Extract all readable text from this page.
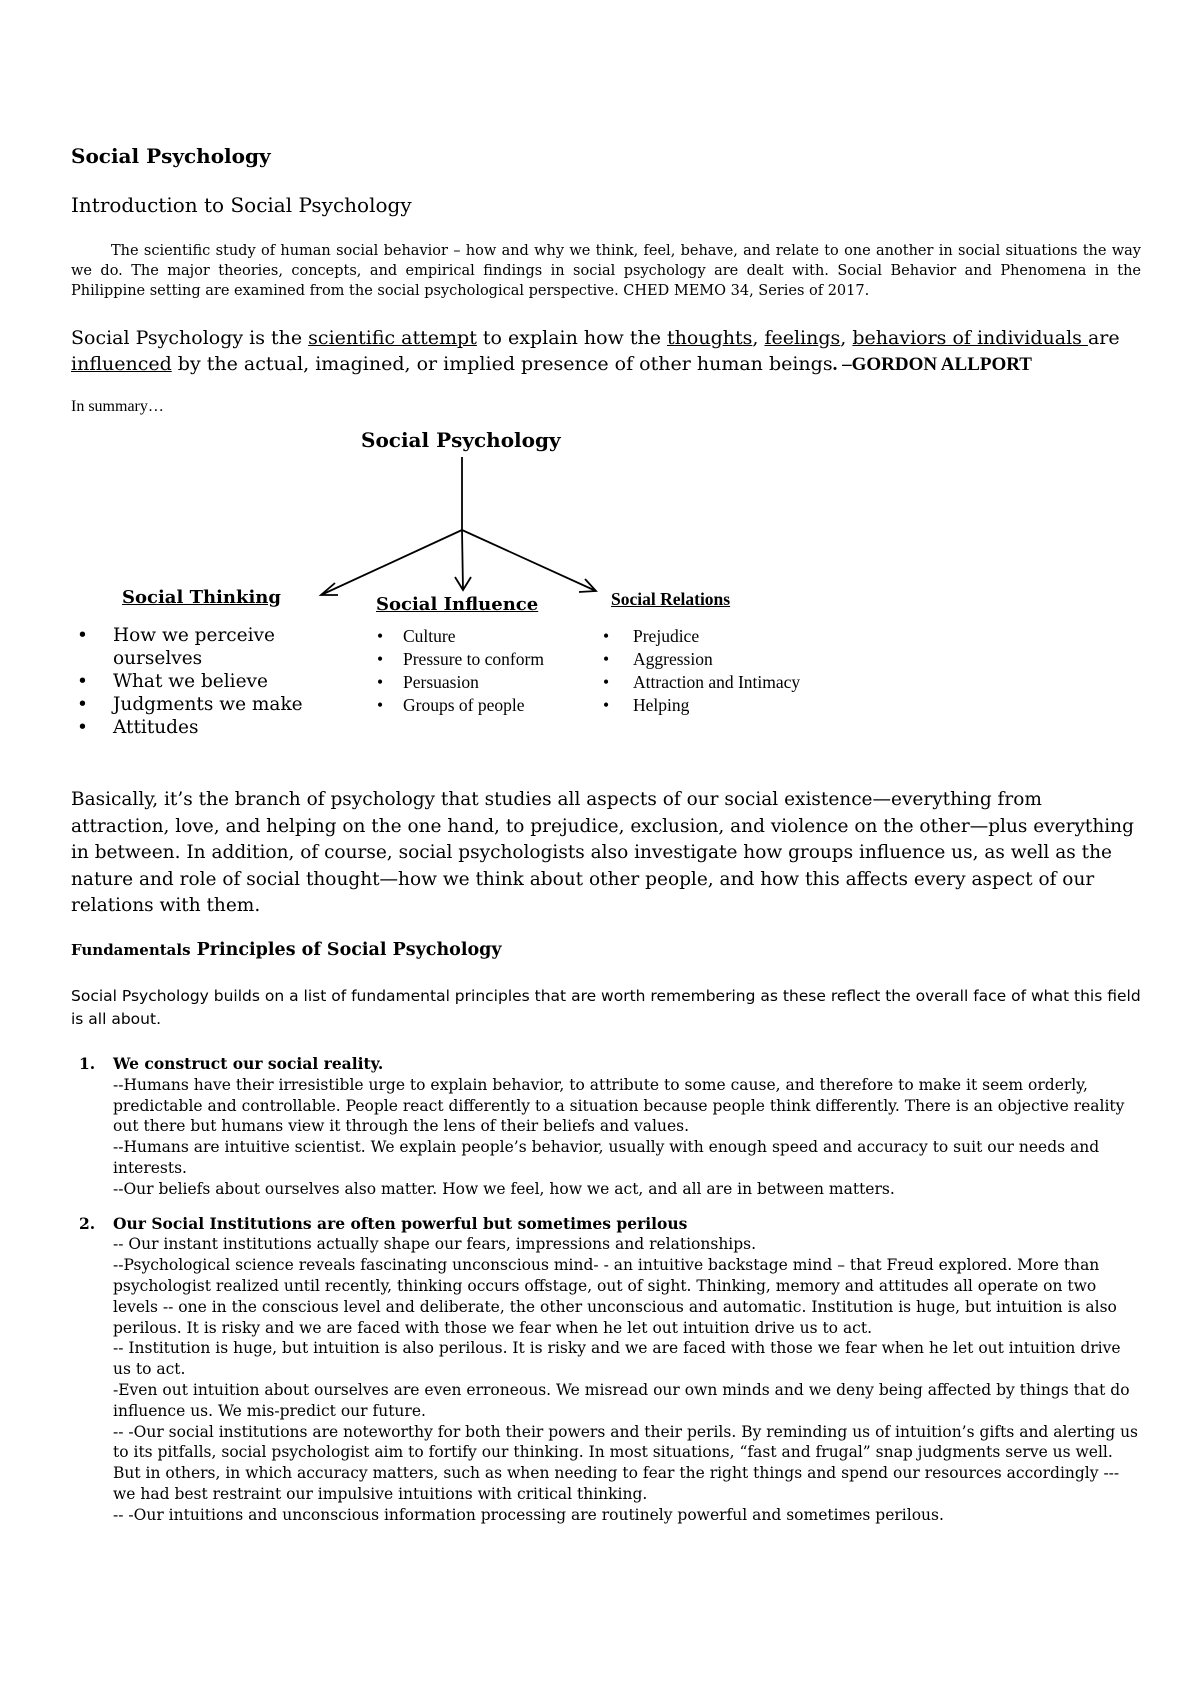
Social Psychology
Introduction to Social Psychology
The scientific study of human social behavior – how and why we think, feel, behave, and relate to one another in social situations the way we do. The major theories, concepts, and empirical findings in social psychology are dealt with. Social Behavior and Phenomena in the Philippine setting are examined from the social psychological perspective. CHED MEMO 34, Series of 2017.
Social Psychology is the scientific attempt to explain how the thoughts, feelings, behaviors of individuals are influenced by the actual, imagined, or implied presence of other human beings. –GORDON ALLPORT
In summary…
Social Psychology
Social Thinking
• How we perceive ourselves
• What we believe
• Judgments we make
• Attitudes
Social Influence
• Culture
• Pressure to conform
• Persuasion
• Groups of people
Social Relations
• Prejudice
• Aggression
• Attraction and Intimacy
• Helping
Basically, it’s the branch of psychology that studies all aspects of our social existence—everything from attraction, love, and helping on the one hand, to prejudice, exclusion, and violence on the other—plus everything in between. In addition, of course, social psychologists also investigate how groups influence us, as well as the nature and role of social thought—how we think about other people, and how this affects every aspect of our relations with them.
Fundamentals Principles of Social Psychology
Social Psychology builds on a list of fundamental principles that are worth remembering as these reflect the overall face of what this field is all about.
1. We construct our social reality.
--Humans have their irresistible urge to explain behavior, to attribute to some cause, and therefore to make it seem orderly, predictable and controllable. People react differently to a situation because people think differently. There is an objective reality out there but humans view it through the lens of their beliefs and values.
--Humans are intuitive scientist. We explain people’s behavior, usually with enough speed and accuracy to suit our needs and interests.
--Our beliefs about ourselves also matter. How we feel, how we act, and all are in between matters.
2. Our Social Institutions are often powerful but sometimes perilous
-- Our instant institutions actually shape our fears, impressions and relationships.
--Psychological science reveals fascinating unconscious mind- - an intuitive backstage mind – that Freud explored. More than psychologist realized until recently, thinking occurs offstage, out of sight. Thinking, memory and attitudes all operate on two levels -- one in the conscious level and deliberate, the other unconscious and automatic. Institution is huge, but intuition is also perilous. It is risky and we are faced with those we fear when he let out intuition drive us to act.
-- Institution is huge, but intuition is also perilous. It is risky and we are faced with those we fear when he let out intuition drive us to act.
-Even out intuition about ourselves are even erroneous. We misread our own minds and we deny being affected by things that do influence us. We mis-predict our future.
-- -Our social institutions are noteworthy for both their powers and their perils. By reminding us of intuition’s gifts and alerting us to its pitfalls, social psychologist aim to fortify our thinking. In most situations, “fast and frugal” snap judgments serve us well. But in others, in which accuracy matters, such as when needing to fear the right things and spend our resources accordingly --- we had best restraint our impulsive intuitions with critical thinking.
-- -Our intuitions and unconscious information processing are routinely powerful and sometimes perilous.
